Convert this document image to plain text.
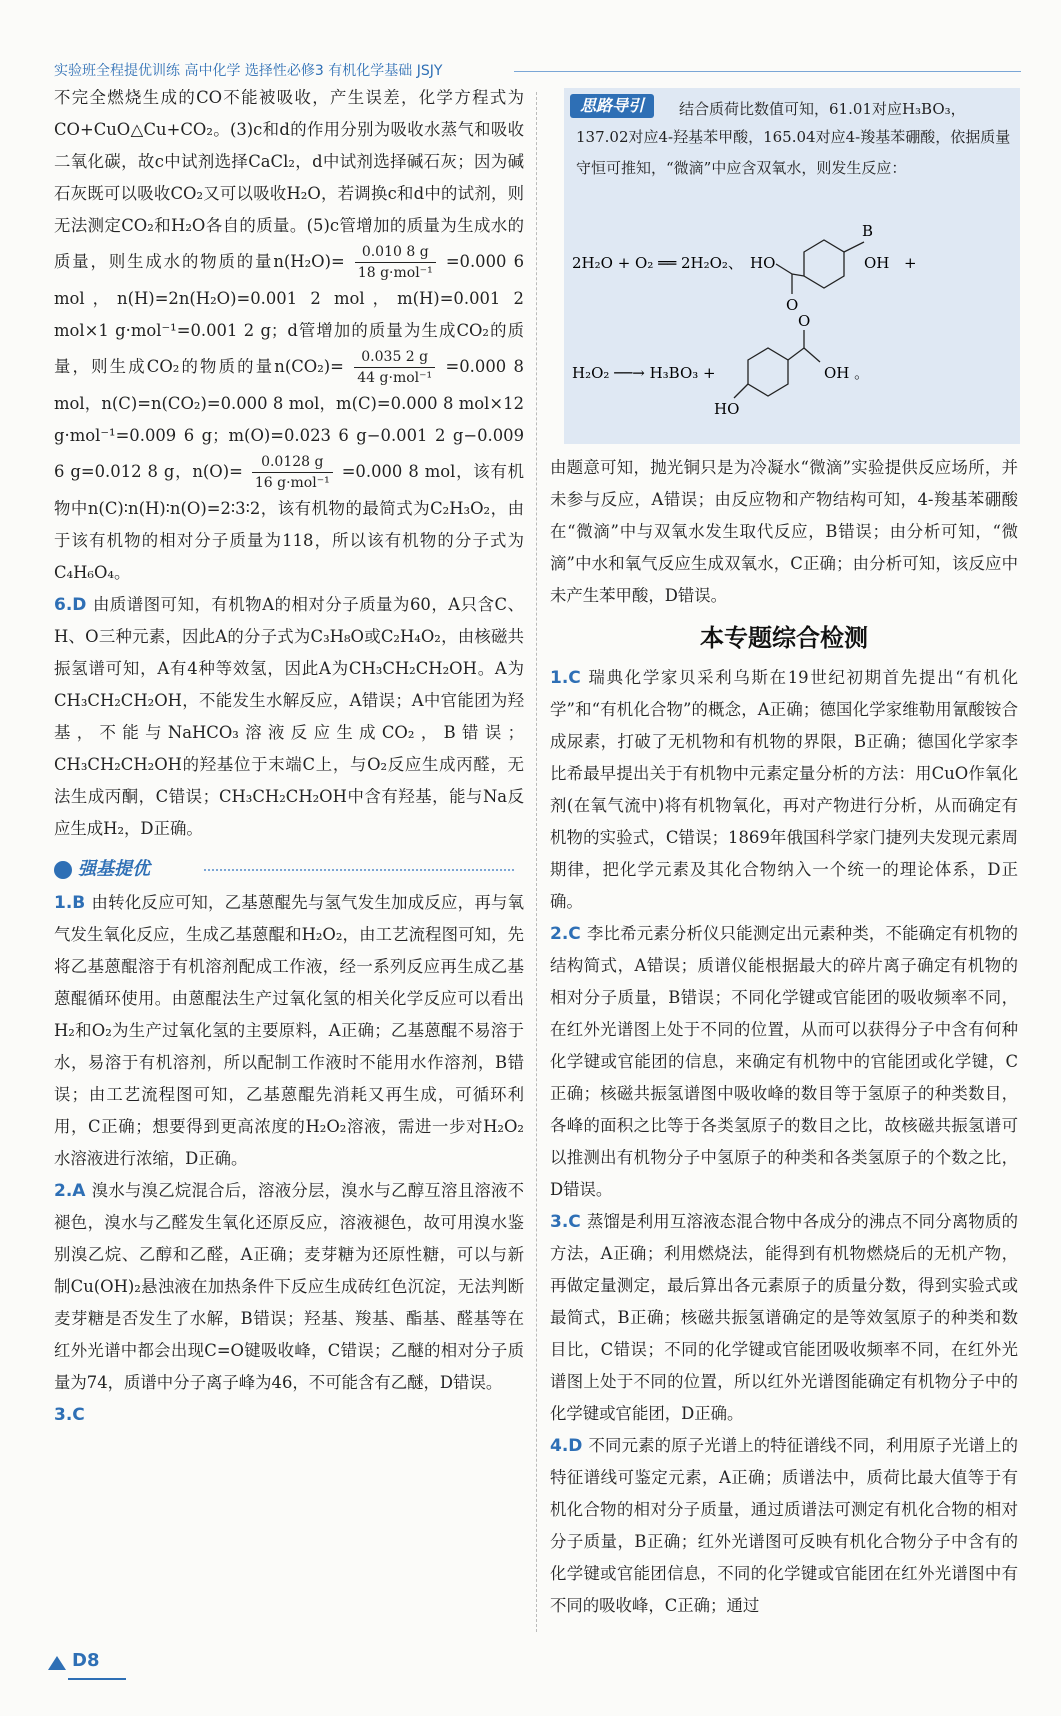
实验班全程提优训练 高中化学 选择性必修3 有机化学基础 JSJY

不完全燃烧生成的CO不能被吸收，产生误差，化学方程式为CO+CuO△Cu+CO₂。(3)c和d的作用分别为吸收水蒸气和吸收二氧化碳，故c中试剂选择CaCl₂，d中试剂选择碱石灰；因为碱石灰既可以吸收CO₂又可以吸收H₂O，若调换c和d中的试剂，则无法测定CO₂和H₂O各自的质量。(5)c管增加的质量为生成水的质量，则生成水的物质的量$n(H_2O)= \frac{0.010 8 g}{\text{18 g·mol⁻¹}} =0.000$ 6 mol，n(H)=2n(H₂O)=0.001 2 mol，m(H)=0.001 2 mol×1 g·mol⁻¹=0.001 2 g；d管增加的质量为生成CO₂的质量，则生成CO₂的物质的量$n(CO_2)= \frac{0.035 2 g}{\text{44 g·mol⁻¹}} =0.000$ 8 mol，n(C)=n(CO₂)=0.000 8 mol，m(C)=0.000 8 mol×12 g·mol⁻¹=0.009 6 g；m(O)=0.023 6 g−0.001 2 g−0.009 6 g=0.012 8 g，$n(O)= \frac{0.0128 g}{\text{16 g·mol⁻¹}} =0.000$ 8 mol，该有机物中n(C)∶n(H)∶n(O)=2∶3∶2，该有机物的最简式为C₂H₃O₂，由于该有机物的相对分子质量为118，所以该有机物的分子式为C₄H₆O₄。

6.D 由质谱图可知，有机物A的相对分子质量为60，A只含C、H、O三种元素，因此A的分子式为C₃H₈O或C₂H₄O₂，由核磁共振氢谱可知，A有4种等效氢，因此A为CH₃CH₂CH₂OH。A为CH₃CH₂CH₂OH，不能发生水解反应，A错误；A中官能团为羟基，不能与NaHCO₃溶液反应生成CO₂，B错误；CH₃CH₂CH₂OH的羟基位于末端C上，与O₂反应生成丙醛，无法生成丙酮，C错误；CH₃CH₂CH₂OH中含有羟基，能与Na反应生成H₂，D正确。

强基提优

1.B 由转化反应可知，乙基蒽醌先与氢气发生加成反应，再与氧气发生氧化反应，生成乙基蒽醌和H₂O₂，由工艺流程图可知，先将乙基蒽醌溶于有机溶剂配成工作液，经一系列反应再生成乙基蒽醌循环使用。由蒽醌法生产过氧化氢的相关化学反应可以看出H₂和O₂为生产过氧化氢的主要原料，A正确；乙基蒽醌不易溶于水，易溶于有机溶剂，所以配制工作液时不能用水作溶剂，B错误；由工艺流程图可知，乙基蒽醌先消耗又再生成，可循环利用，C正确；想要得到更高浓度的H₂O₂溶液，需进一步对H₂O₂水溶液进行浓缩，D正确。

2.A 溴水与溴乙烷混合后，溶液分层，溴水与乙醇互溶且溶液不褪色，溴水与乙醛发生氧化还原反应，溶液褪色，故可用溴水鉴别溴乙烷、乙醇和乙醛，A正确；麦芽糖为还原性糖，可以与新制Cu(OH)₂悬浊液在加热条件下反应生成砖红色沉淀，无法判断麦芽糖是否发生了水解，B错误；羟基、羧基、酯基、醛基等在红外光谱中都会出现C=O键吸收峰，C错误；乙醚的相对分子质量为74，质谱中分子离子峰为46，不可能含有乙醚，D错误。

3.C

思路导引 结合质荷比数值可知，61.01对应H₃BO₃，
137.02对应4-羟基苯甲酸，165.04对应4-羧基苯硼酸，依据质量守恒可推知，“微滴”中应含双氧水，则发生反应：
2H₂O + O₂ ══ 2H₂O₂、 HO
O
B
OH +
H₂O₂ ──→ H₃BO₃ +
O
OH 。
HO

由题意可知，抛光铜只是为冷凝水“微滴”实验提供反应场所，并未参与反应，A错误；由反应物和产物结构可知，4-羧基苯硼酸在“微滴”中与双氧水发生取代反应，B错误；由分析可知，“微滴”中水和氧气反应生成双氧水，C正确；由分析可知，该反应中未产生苯甲酸，D错误。

本专题综合检测

1.C 瑞典化学家贝采利乌斯在19世纪初期首先提出“有机化学”和“有机化合物”的概念，A正确；德国化学家维勒用氰酸铵合成尿素，打破了无机物和有机物的界限，B正确；德国化学家李比希最早提出关于有机物中元素定量分析的方法：用CuO作氧化剂(在氧气流中)将有机物氧化，再对产物进行分析，从而确定有机物的实验式，C错误；1869年俄国科学家门捷列夫发现元素周期律，把化学元素及其化合物纳入一个统一的理论体系，D正确。

2.C 李比希元素分析仪只能测定出元素种类，不能确定有机物的结构简式，A错误；质谱仪能根据最大的碎片离子确定有机物的相对分子质量，B错误；不同化学键或官能团的吸收频率不同，在红外光谱图上处于不同的位置，从而可以获得分子中含有何种化学键或官能团的信息，来确定有机物中的官能团或化学键，C正确；核磁共振氢谱图中吸收峰的数目等于氢原子的种类数目，各峰的面积之比等于各类氢原子的数目之比，故核磁共振氢谱可以推测出有机物分子中氢原子的种类和各类氢原子的个数之比，D错误。

3.C 蒸馏是利用互溶液态混合物中各成分的沸点不同分离物质的方法，A正确；利用燃烧法，能得到有机物燃烧后的无机产物，再做定量测定，最后算出各元素原子的质量分数，得到实验式或最简式，B正确；核磁共振氢谱确定的是等效氢原子的种类和数目比，C错误；不同的化学键或官能团吸收频率不同，在红外光谱图上处于不同的位置，所以红外光谱图能确定有机物分子中的化学键或官能团，D正确。

4.D 不同元素的原子光谱上的特征谱线不同，利用原子光谱上的特征谱线可鉴定元素，A正确；质谱法中，质荷比最大值等于有机化合物的相对分子质量，通过质谱法可测定有机化合物的相对分子质量，B正确；红外光谱图可反映有机化合物分子中含有的化学键或官能团信息，不同的化学键或官能团在红外光谱图中有不同的吸收峰，C正确；通过

D8
